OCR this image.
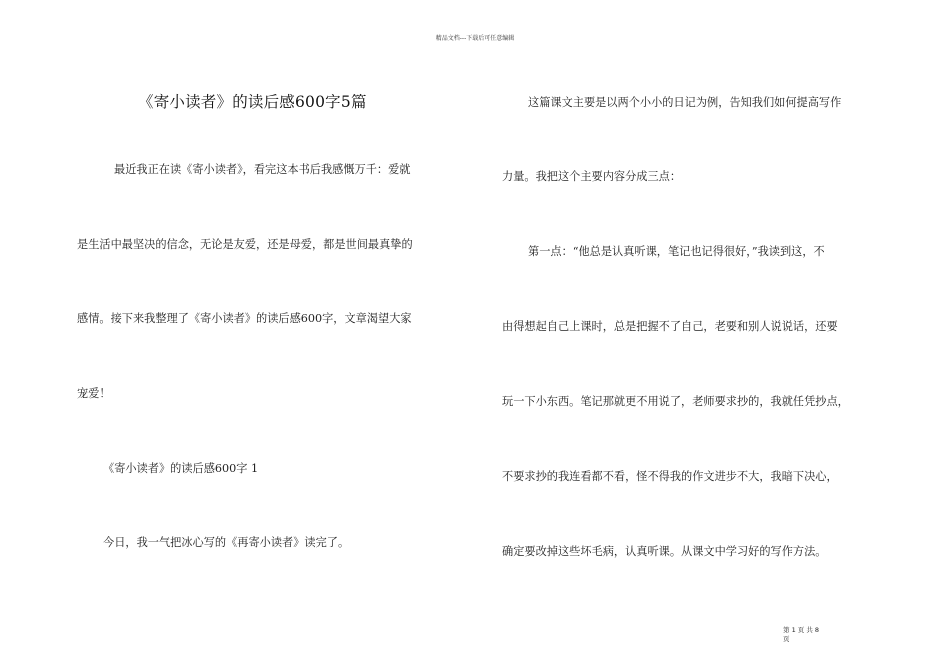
精品文档---下载后可任意编辑
《寄小读者》的读后感600字5篇
最近我正在读《寄小读者》，看完这本书后我感慨万千：爱就
是生活中最坚决的信念，无论是友爱，还是母爱，都是世间最真挚的
感情。接下来我整理了《寄小读者》的读后感600字，文章渴望大家
宠爱！
《寄小读者》的读后感600字 1
今日，我一气把冰心写的《再寄小读者》读完了。
这篇课文主要是以两个小小的日记为例，告知我们如何提高写作
力量。我把这个主要内容分成三点：
第一点：“他总是认真听课，笔记也记得很好，”我读到这，不
由得想起自己上课时，总是把握不了自己，老要和别人说说话，还要
玩一下小东西。笔记那就更不用说了，老师要求抄的，我就任凭抄点，
不要求抄的我连看都不看，怪不得我的作文进步不大，我暗下决心，
确定要改掉这些坏毛病，认真听课。从课文中学习好的写作方法。
第 1 页 共 8 页
